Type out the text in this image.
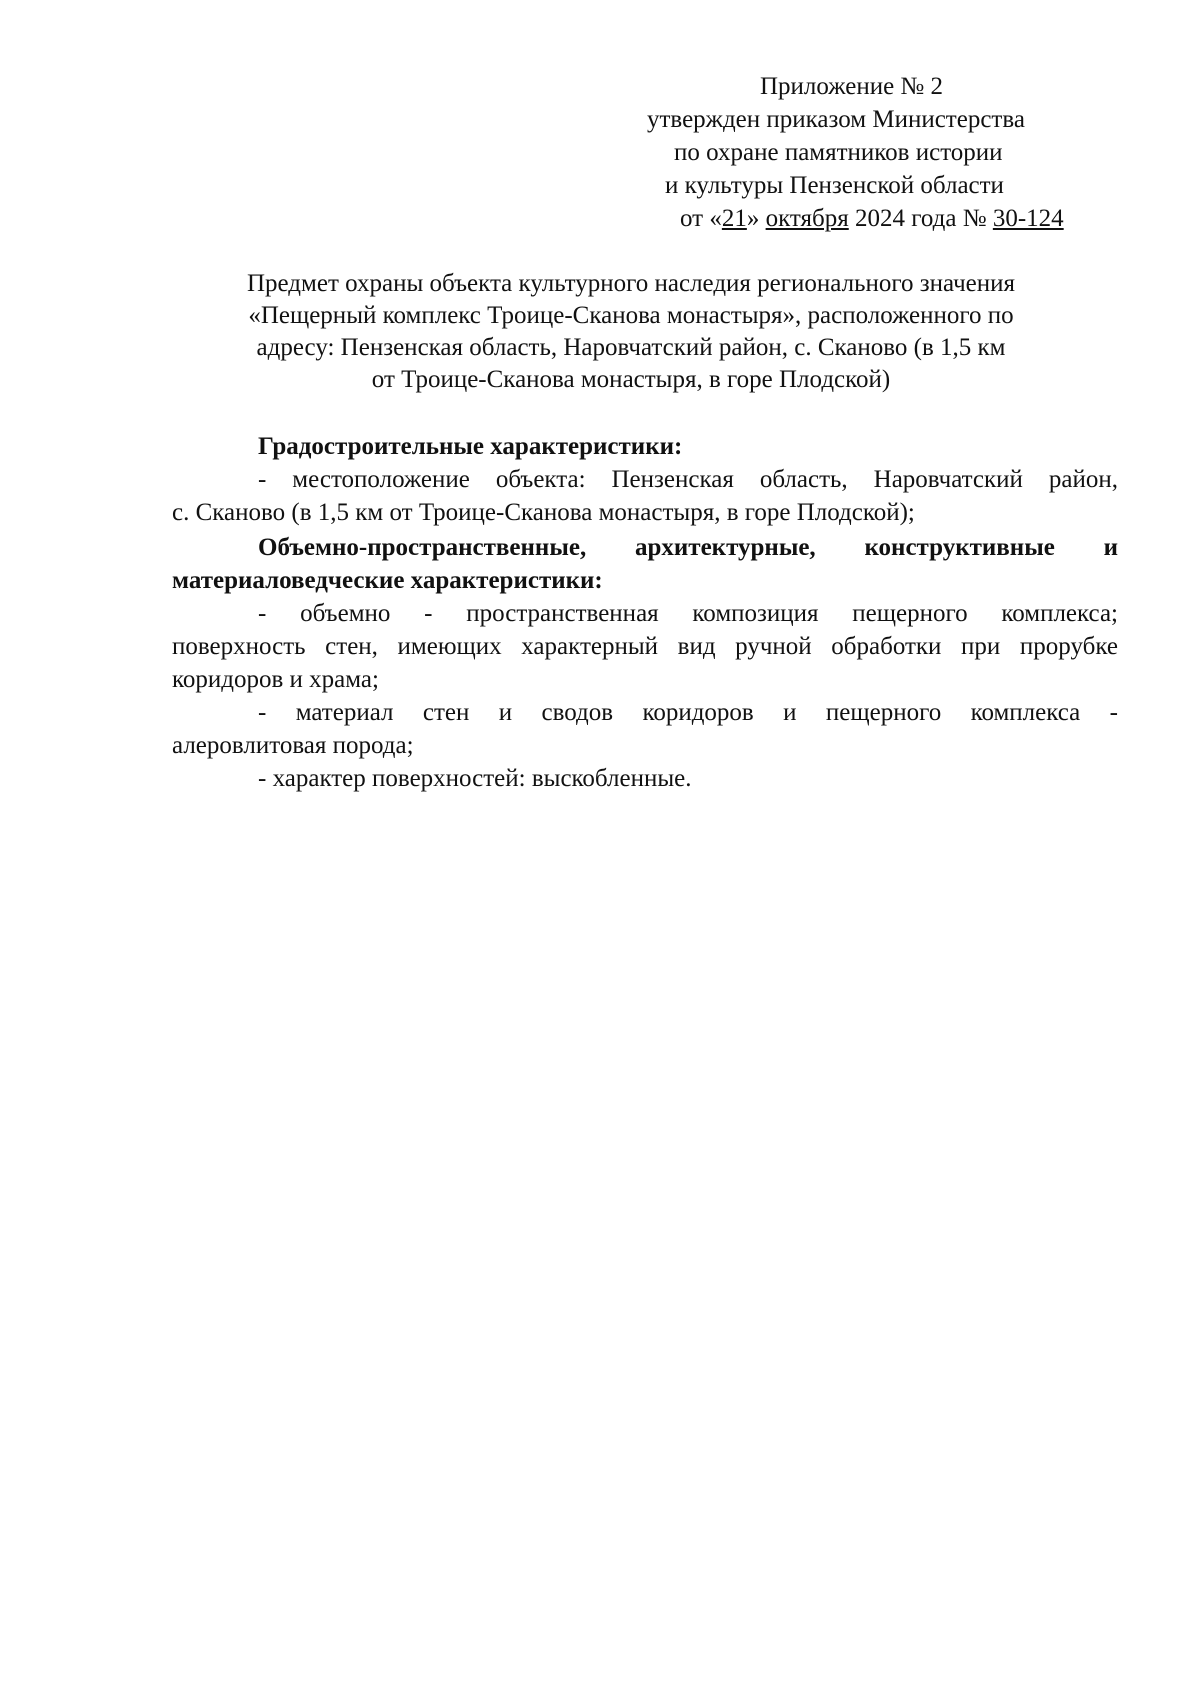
Приложение № 2
утвержден приказом Министерства
по охране памятников истории
и культуры Пензенской области
от «21» октября 2024 года № 30-124
Предмет охраны объекта культурного наследия регионального значения
«Пещерный комплекс Троице-Сканова монастыря», расположенного по
адресу: Пензенская область, Наровчатский район, с. Сканово (в 1,5 км
от Троице-Сканова монастыря, в горе Плодской)

Градостроительные характеристики:

- местоположение объекта: Пензенская область, Наровчатский район,
с. Сканово (в 1,5 км от Троице-Сканова монастыря, в горе Плодской);

Объемно-пространственные, архитектурные, конструктивные и
материаловедческие характеристики:

- объемно - пространственная композиция пещерного комплекса;
поверхность стен, имеющих характерный вид ручной обработки при прорубке
коридоров и храма;

- материал стен и сводов коридоров и пещерного комплекса -
алеровлитовая порода;

- характер поверхностей: выскобленные.
